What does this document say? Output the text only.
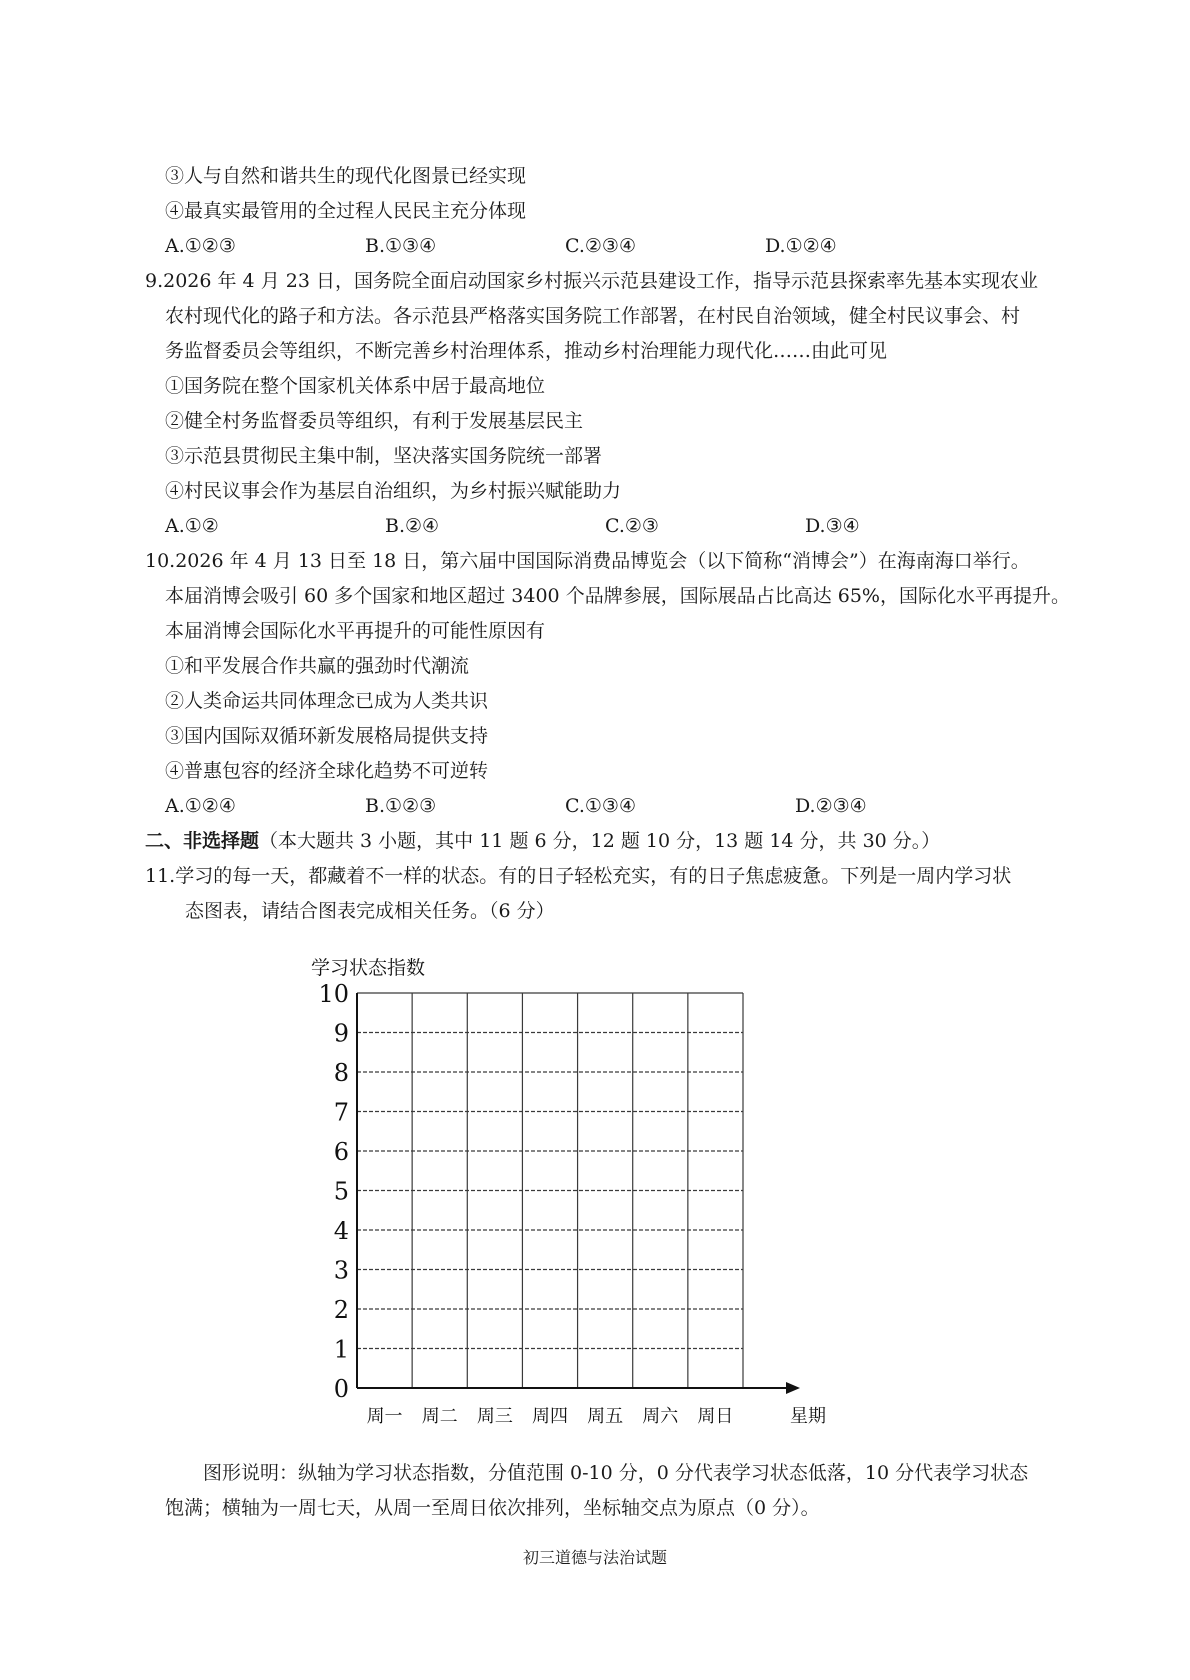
③人与自然和谐共生的现代化图景已经实现
④最真实最管用的全过程人民民主充分体现
A.①②③	B.①③④	C.②③④	D.①②④
9.2026 年 4 月 23 日，国务院全面启动国家乡村振兴示范县建设工作，指导示范县探索率先基本实现农业
农村现代化的路子和方法。各示范县严格落实国务院工作部署，在村民自治领域，健全村民议事会、村
务监督委员会等组织，不断完善乡村治理体系，推动乡村治理能力现代化……由此可见
①国务院在整个国家机关体系中居于最高地位
②健全村务监督委员等组织，有利于发展基层民主
③示范县贯彻民主集中制，坚决落实国务院统一部署
④村民议事会作为基层自治组织，为乡村振兴赋能助力
A.①②	B.②④	C.②③	D.③④
10.2026 年 4 月 13 日至 18 日，第六届中国国际消费品博览会（以下简称“消博会”）在海南海口举行。
本届消博会吸引 60 多个国家和地区超过 3400 个品牌参展，国际展品占比高达 65%，国际化水平再提升。
本届消博会国际化水平再提升的可能性原因有
①和平发展合作共赢的强劲时代潮流
②人类命运共同体理念已成为人类共识
③国内国际双循环新发展格局提供支持
④普惠包容的经济全球化趋势不可逆转
A.①②④	B.①②③	C.①③④	D.②③④
二、非选择题（本大题共 3 小题，其中 11 题 6 分，12 题 10 分，13 题 14 分，共 30 分。）
11.学习的每一天，都藏着不一样的状态。有的日子轻松充实，有的日子焦虑疲惫。下列是一周内学习状
态图表，请结合图表完成相关任务。（6 分）
0
1
2
3
4
5
6
7
8
9
10
周一 周二 周三 周四 周五 周六 周日
学习状态指数
星期
图形说明：纵轴为学习状态指数，分值范围 0-10 分，0 分代表学习状态低落，10 分代表学习状态
饱满；横轴为一周七天，从周一至周日依次排列，坐标轴交点为原点（0 分）。
初三道德与法治试题
